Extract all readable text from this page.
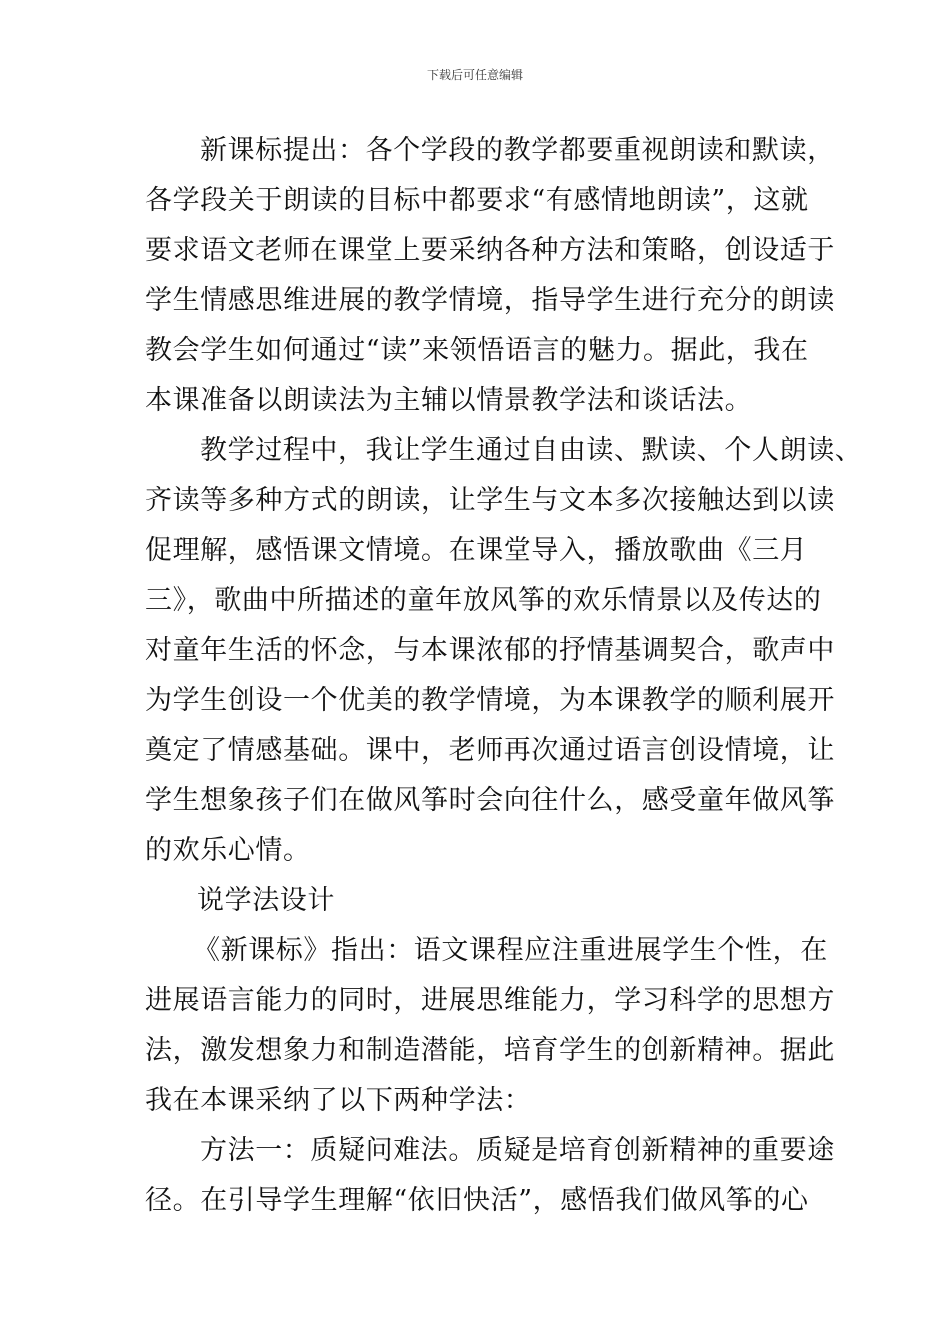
下载后可任意编辑
新课标提出：各个学段的教学都要重视朗读和默读，
各学段关于朗读的目标中都要求“有感情地朗读”，这就
要求语文老师在课堂上要采纳各种方法和策略，创设适于
学生情感思维进展的教学情境，指导学生进行充分的朗读
教会学生如何通过“读”来领悟语言的魅力。据此，我在
本课准备以朗读法为主辅以情景教学法和谈话法。
教学过程中，我让学生通过自由读、默读、个人朗读、
齐读等多种方式的朗读，让学生与文本多次接触达到以读
促理解，感悟课文情境。在课堂导入，播放歌曲《三月
三》，歌曲中所描述的童年放风筝的欢乐情景以及传达的
对童年生活的怀念，与本课浓郁的抒情基调契合，歌声中
为学生创设一个优美的教学情境，为本课教学的顺利展开
奠定了情感基础。课中，老师再次通过语言创设情境，让
学生想象孩子们在做风筝时会向往什么，感受童年做风筝
的欢乐心情。
说学法设计
《新课标》指出：语文课程应注重进展学生个性，在
进展语言能力的同时，进展思维能力，学习科学的思想方
法，激发想象力和制造潜能，培育学生的创新精神。据此
我在本课采纳了以下两种学法：
方法一：质疑问难法。质疑是培育创新精神的重要途
径。在引导学生理解“依旧快活”，感悟我们做风筝的心
